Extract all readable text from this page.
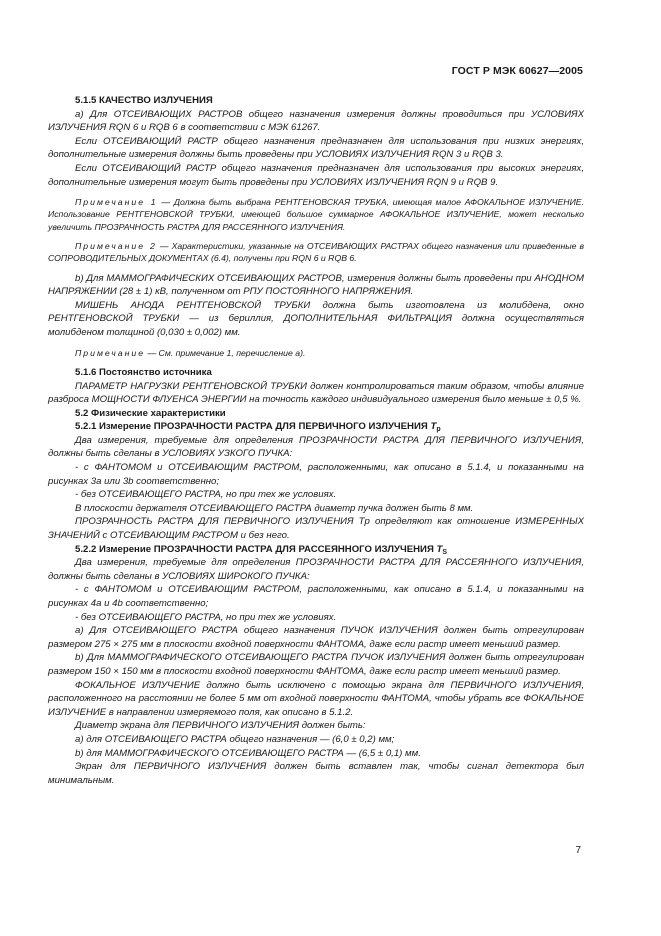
ГОСТ Р МЭК 60627—2005

5.1.5 КАЧЕСТВО ИЗЛУЧЕНИЯ

а) Для ОТСЕИВАЮЩИХ РАСТРОВ общего назначения измерения должны проводиться при УСЛОВИЯХ ИЗЛУЧЕНИЯ RQN 6 и RQB 6 в соответствии с МЭК 61267.

Если ОТСЕИВАЮЩИЙ РАСТР общего назначения предназначен для использования при низких энергиях, дополнительные измерения должны быть проведены при УСЛОВИЯХ ИЗЛУЧЕНИЯ RQN 3 и RQB 3.

Если ОТСЕИВАЮЩИЙ РАСТР общего назначения предназначен для использования при высоких энергиях, дополнительные измерения могут быть проведены при УСЛОВИЯХ ИЗЛУЧЕНИЯ RQN 9 и RQB 9.

Примечание 1 — Должна быть выбрана РЕНТГЕНОВСКАЯ ТРУБКА, имеющая малое АФОКАЛЬНОЕ ИЗЛУЧЕНИЕ. Использование РЕНТГЕНОВСКОЙ ТРУБКИ, имеющей большое суммарное АФОКАЛЬНОЕ ИЗЛУЧЕНИЕ, может несколько увеличить ПРОЗРАЧНОСТЬ РАСТРА ДЛЯ РАССЕЯННОГО ИЗЛУЧЕНИЯ.

Примечание 2 — Характеристики, указанные на ОТСЕИВАЮЩИХ РАСТРАХ общего назначения или приведенные в СОПРОВОДИТЕЛЬНЫХ ДОКУМЕНТАХ (6.4), получены при RQN 6 и RQB 6.

b) Для МАММОГРАФИЧЕСКИХ ОТСЕИВАЮЩИХ РАСТРОВ, измерения должны быть проведены при АНОДНОМ НАПРЯЖЕНИИ (28 ± 1) кВ, полученном от РПУ ПОСТОЯННОГО НАПРЯЖЕНИЯ.

МИШЕНЬ АНОДА РЕНТГЕНОВСКОЙ ТРУБКИ должна быть изготовлена из молибдена, окно РЕНТГЕНОВСКОЙ ТРУБКИ — из бериллия, ДОПОЛНИТЕЛЬНАЯ ФИЛЬТРАЦИЯ должна осуществляться молибденом толщиной (0,030 ± 0,002) мм.

Примечание — См. примечание 1, перечисление а).

5.1.6 Постоянство источника

ПАРАМЕТР НАГРУЗКИ РЕНТГЕНОВСКОЙ ТРУБКИ должен контролироваться таким образом, чтобы влияние разброса МОЩНОСТИ ФЛУЕНСА ЭНЕРГИИ на точность каждого индивидуального измерения было меньше ± 0,5 %.

5.2 Физические характеристики

5.2.1 Измерение ПРОЗРАЧНОСТИ РАСТРА ДЛЯ ПЕРВИЧНОГО ИЗЛУЧЕНИЯ $T_p$

Два измерения, требуемые для определения ПРОЗРАЧНОСТИ РАСТРА ДЛЯ ПЕРВИЧНОГО ИЗЛУЧЕНИЯ, должны быть сделаны в УСЛОВИЯХ УЗКОГО ПУЧКА:

- с ФАНТОМОМ и ОТСЕИВАЮЩИМ РАСТРОМ, расположенными, как описано в 5.1.4, и показанными на рисунках 3а или 3b соответственно;

- без ОТСЕИВАЮЩЕГО РАСТРА, но при тех же условиях.

В плоскости держателя ОТСЕИВАЮЩЕГО РАСТРА диаметр пучка должен быть 8 мм.

ПРОЗРАЧНОСТЬ РАСТРА ДЛЯ ПЕРВИЧНОГО ИЗЛУЧЕНИЯ Tp определяют как отношение ИЗМЕРЕННЫХ ЗНАЧЕНИЙ с ОТСЕИВАЮЩИМ РАСТРОМ и без него.

5.2.2 Измерение ПРОЗРАЧНОСТИ РАСТРА ДЛЯ РАССЕЯННОГО ИЗЛУЧЕНИЯ $T_S$

Два измерения, требуемые для определения ПРОЗРАЧНОСТИ РАСТРА ДЛЯ РАССЕЯННОГО ИЗЛУЧЕНИЯ, должны быть сделаны в УСЛОВИЯХ ШИРОКОГО ПУЧКА:

- с ФАНТОМОМ и ОТСЕИВАЮЩИМ РАСТРОМ, расположенными, как описано в 5.1.4, и показанными на рисунках 4а и 4b соответственно;

- без ОТСЕИВАЮЩЕГО РАСТРА, но при тех же условиях.

а) Для ОТСЕИВАЮЩЕГО РАСТРА общего назначения ПУЧОК ИЗЛУЧЕНИЯ должен быть отрегулирован размером 275 × 275 мм в плоскости входной поверхности ФАНТОМА, даже если растр имеет меньший размер.

b) Для МАММОГРАФИЧЕСКОГО ОТСЕИВАЮЩЕГО РАСТРА ПУЧОК ИЗЛУЧЕНИЯ должен быть отрегулирован размером 150 × 150 мм в плоскости входной поверхности ФАНТОМА, даже если растр имеет меньший размер.

ФОКАЛЬНОЕ ИЗЛУЧЕНИЕ должно быть исключено с помощью экрана для ПЕРВИЧНОГО ИЗЛУЧЕНИЯ, расположенного на расстоянии не более 5 мм от входной поверхности ФАНТОМА, чтобы убрать все ФОКАЛЬНОЕ ИЗЛУЧЕНИЕ в направлении измеряемого поля, как описано в 5.1.2.

Диаметр экрана для ПЕРВИЧНОГО ИЗЛУЧЕНИЯ должен быть:

а) для ОТСЕИВАЮЩЕГО РАСТРА общего назначения — (6,0 ± 0,2) мм;

b) для МАММОГРАФИЧЕСКОГО ОТСЕИВАЮЩЕГО РАСТРА — (6,5 ± 0,1) мм.

Экран для ПЕРВИЧНОГО ИЗЛУЧЕНИЯ должен быть вставлен так, чтобы сигнал детектора был минимальным.

7
